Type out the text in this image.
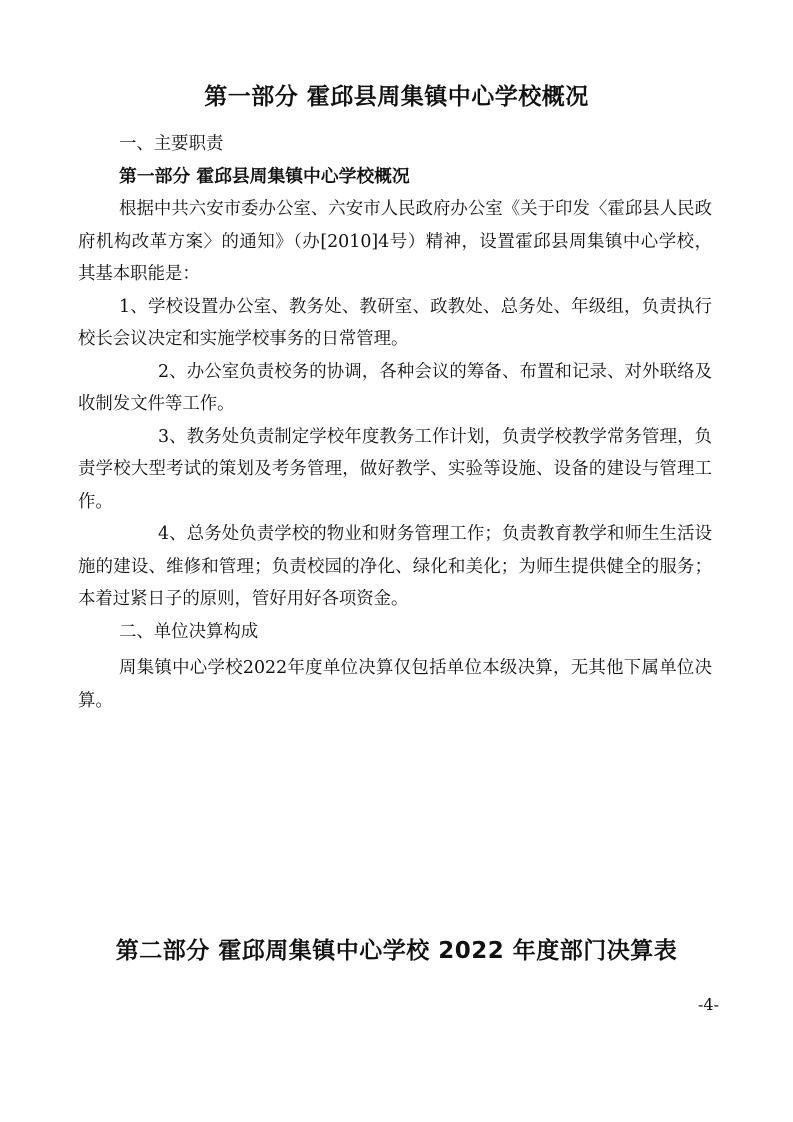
第一部分 霍邱县周集镇中心学校概况

一、主要职责

第一部分 霍邱县周集镇中心学校概况

根据中共六安市委办公室、六安市人民政府办公室《关于印发〈霍邱县人民政府机构改革方案〉的通知》（办[2010]4号）精神，设置霍邱县周集镇中心学校，其基本职能是：

1、学校设置办公室、教务处、教研室、政教处、总务处、年级组，负责执行校长会议决定和实施学校事务的日常管理。

2、办公室负责校务的协调，各种会议的筹备、布置和记录、对外联络及收制发文件等工作。

3、教务处负责制定学校年度教务工作计划，负责学校教学常务管理，负责学校大型考试的策划及考务管理，做好教学、实验等设施、设备的建设与管理工作。

4、总务处负责学校的物业和财务管理工作；负责教育教学和师生生活设施的建设、维修和管理；负责校园的净化、绿化和美化；为师生提供健全的服务；本着过紧日子的原则，管好用好各项资金。

二、单位决算构成

周集镇中心学校2022年度单位决算仅包括单位本级决算，无其他下属单位决算。

第二部分 霍邱周集镇中心学校 2022 年度部门决算表
-4-
